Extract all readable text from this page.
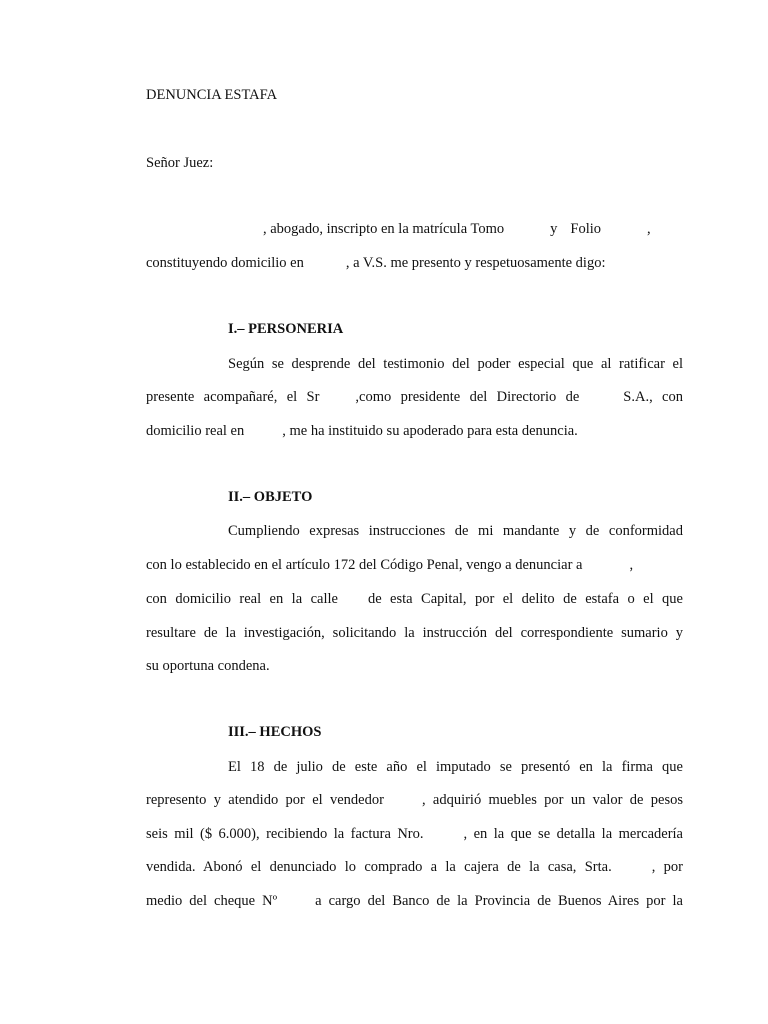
DENUNCIA ESTAFA

Señor Juez:

, abogado, inscripto en la matrícula Tomo	y Folio	,

constituyendo domicilio en	, a V.S. me presento y respetuosamente digo:

I.– PERSONERIA

Según se desprende del testimonio del poder especial que al ratificar el

presente acompañaré, el Sr ,como presidente del Directorio de	S.A., con

domicilio real en	, me ha instituido su apoderado para esta denuncia.

II.– OBJETO

Cumpliendo expresas instrucciones de mi mandante y de conformidad

con lo establecido en el artículo 172 del Código Penal, vengo a denunciar a	,

con domicilio real en la calle de esta Capital, por el delito de estafa o el que

resultare de la investigación, solicitando la instrucción del correspondiente sumario y

su oportuna condena.

III.– HECHOS

El 18 de julio de este año el imputado se presentó en la firma que

represento y atendido por el vendedor	, adquirió muebles por un valor de pesos

seis mil ($ 6.000), recibiendo la factura Nro.	, en la que se detalla la mercadería

vendida. Abonó el denunciado lo comprado a la cajera de la casa, Srta.	, por

medio del cheque Nº	a cargo del Banco de la Provincia de Buenos Aires por la
